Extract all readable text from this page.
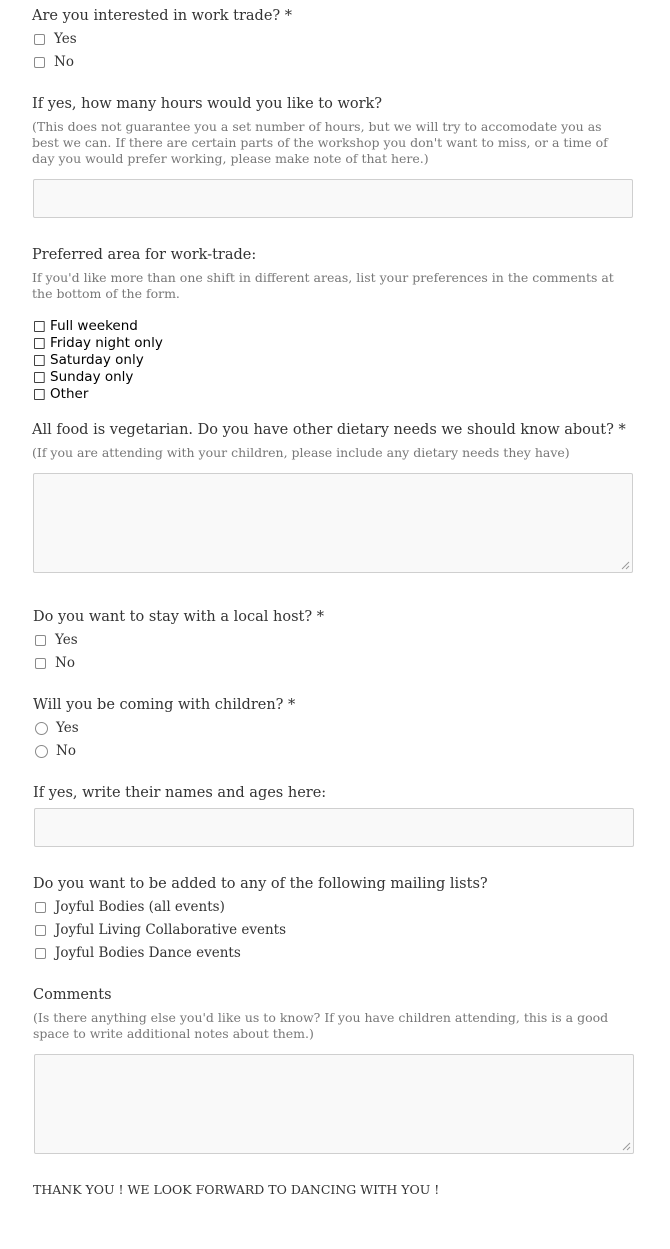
Are you interested in work trade? *
Yes
No
If yes, how many hours would you like to work?
(This does not guarantee you a set number of hours, but we will try to accomodate you as best we can. If there are certain parts of the workshop you don't want to miss, or a time of day you would prefer working, please make note of that here.)
Preferred area for work-trade:
If you'd like more than one shift in different areas, list your preferences in the comments at the bottom of the form.
□ Full weekend
□ Friday night only
□ Saturday only
□ Sunday only
□ Other
All food is vegetarian. Do you have other dietary needs we should know about? *
(If you are attending with your children, please include any dietary needs they have)
Do you want to stay with a local host? *
Yes
No
Will you be coming with children? *
Yes
No
If yes, write their names and ages here:
Do you want to be added to any of the following mailing lists?
Joyful Bodies (all events)
Joyful Living Collaborative events
Joyful Bodies Dance events
Comments
(Is there anything else you'd like us to know? If you have children attending, this is a good space to write additional notes about them.)
THANK YOU ! WE LOOK FORWARD TO DANCING WITH YOU !
